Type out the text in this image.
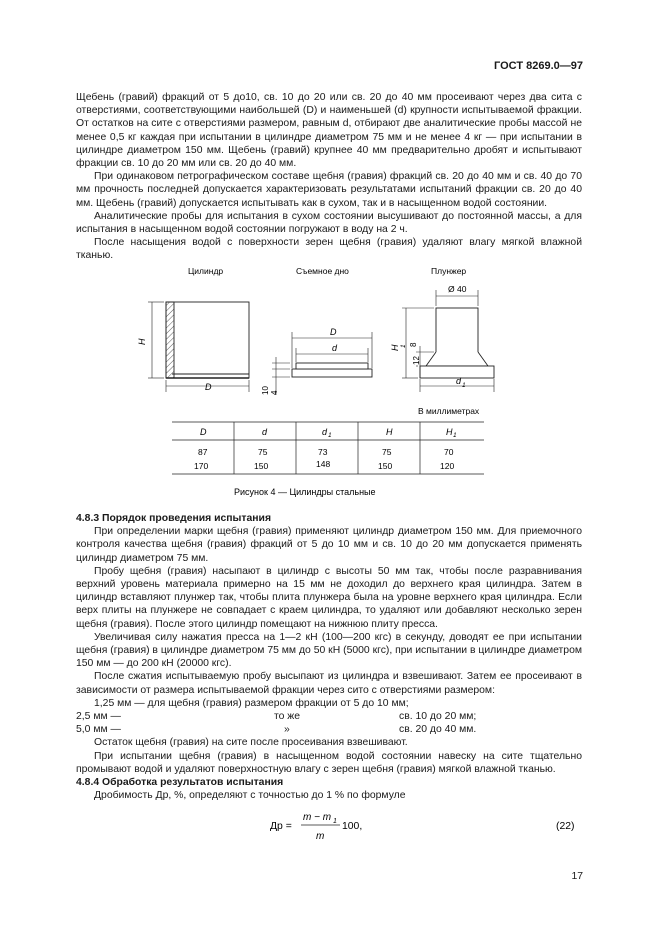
ГОСТ 8269.0—97

Щебень (гравий) фракций от 5 до10, св. 10 до 20 или св. 20 до 40 мм просеивают через два сита с отверстиями, соответствующими наибольшей (D) и наименьшей (d) крупности испытываемой фракции. От остатков на сите с отверстиями размером, равным d, отбирают две аналитические пробы массой не менее 0,5 кг каждая при испытании в цилиндре диаметром 75 мм и не менее 4 кг — при испытании в цилиндре диаметром 150 мм. Щебень (гравий) крупнее 40 мм предварительно дробят и испытывают фракции св. 10 до 20 мм или св. 20 до 40 мм.

При одинаковом петрографическом составе щебня (гравия) фракций св. 20 до 40 мм и св. 40 до 70 мм прочность последней допускается характеризовать результатами испытаний фракции св. 20 до 40 мм. Щебень (гравий) допускается испытывать как в сухом, так и в насыщенном водой состоянии.

Аналитические пробы для испытания в сухом состоянии высушивают до постоянной массы, а для испытания в насыщенном водой состоянии погружают в воду на 2 ч.

После насыщения водой с поверхности зерен щебня (гравия) удаляют влагу мягкой влажной тканью.

Цилиндр	Съемное дно	Плунжер
D
H
D
d
10 4
Ø 40
d 1
H 1 8
12
В миллиметрах
D	d	d 1	H	H 1
87	75	73	75	70
170	150	148	150	120
Рисунок 4 — Цилиндры стальные

4.8.3 Порядок проведения испытания

При определении марки щебня (гравия) применяют цилиндр диаметром 150 мм. Для приемочного контроля качества щебня (гравия) фракций от 5 до 10 мм и св. 10 до 20 мм допускается применять цилиндр диаметром 75 мм.

Пробу щебня (гравия) насыпают в цилиндр с высоты 50 мм так, чтобы после разравнивания верхний уровень материала примерно на 15 мм не доходил до верхнего края цилиндра. Затем в цилиндр вставляют плунжер так, чтобы плита плунжера была на уровне верхнего края цилиндра. Если верх плиты на плунжере не совпадает с краем цилиндра, то удаляют или добавляют несколько зерен щебня (гравия). После этого цилиндр помещают на нижнюю плиту пресса.

Увеличивая силу нажатия пресса на 1—2 кН (100—200 кгс) в секунду, доводят ее при испытании щебня (гравия) в цилиндре диаметром 75 мм до 50 кН (5000 кгс), при испытании в цилиндре диаметром 150 мм — до 200 кН (20000 кгс).

После сжатия испытываемую пробу высыпают из цилиндра и взвешивают. Затем ее просеивают в зависимости от размера испытываемой фракции через сито с отверстиями размером:

1,25 мм — для щебня (гравия) размером фракции от 5 до 10 мм;

2,5 мм —	то же	св. 10 до 20 мм;
5,0 мм —	»	св. 20 до 40 мм.

Остаток щебня (гравия) на сите после просеивания взвешивают.

При испытании щебня (гравия) в насыщенном водой состоянии навеску на сите тщательно промывают водой и удаляют поверхностную влагу с зерен щебня (гравия) мягкой влажной тканью.

4.8.4 Обработка результатов испытания

Дробимость Др, %, определяют с точностью до 1 % по формуле

Др =
m − m 1
m
100,	(22)
17
